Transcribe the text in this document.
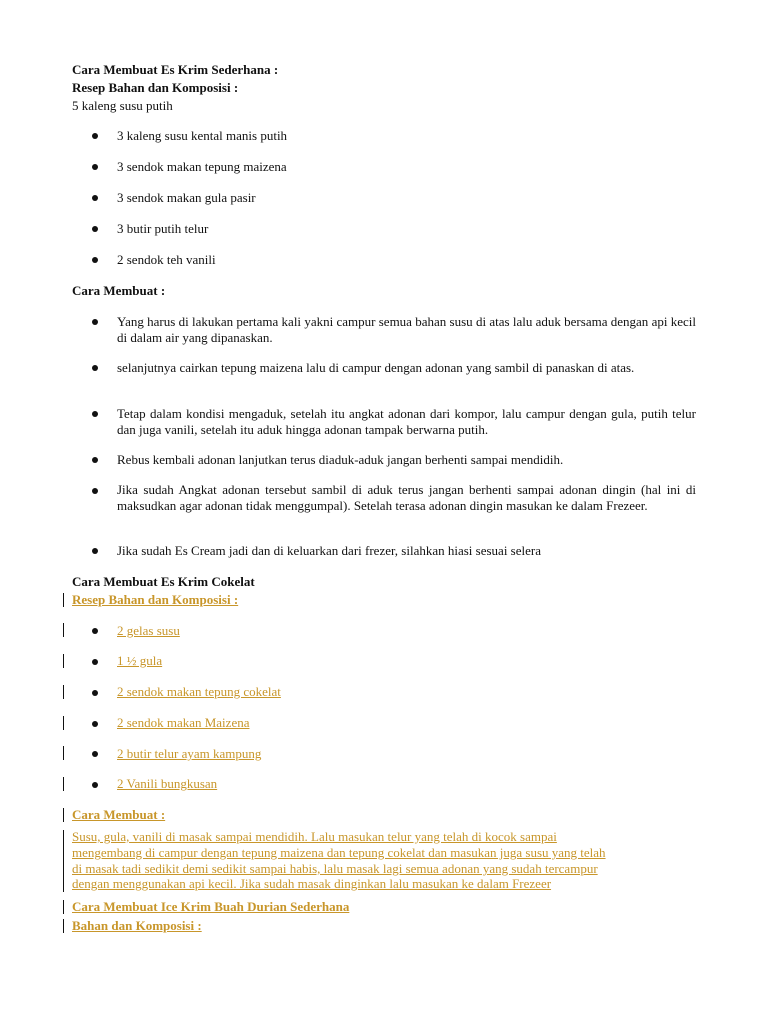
Cara Membuat Es Krim Sederhana :
Resep Bahan dan Komposisi :
5 kaleng susu putih
3 kaleng susu kental manis putih
3 sendok makan tepung maizena
3 sendok makan gula pasir
3 butir putih telur
2 sendok teh vanili
Cara Membuat :
Yang harus di lakukan pertama kali yakni campur semua bahan susu di atas lalu aduk bersama dengan api kecil di dalam air yang dipanaskan.
selanjutnya cairkan tepung maizena lalu di campur dengan adonan yang sambil di panaskan di atas.
Tetap dalam kondisi mengaduk, setelah itu angkat adonan dari kompor, lalu campur dengan gula, putih telur dan juga vanili, setelah itu aduk hingga adonan tampak berwarna putih.
Rebus kembali adonan lanjutkan terus diaduk-aduk jangan berhenti sampai mendidih.
Jika sudah Angkat adonan tersebut sambil di aduk terus jangan berhenti sampai adonan dingin (hal ini di maksudkan agar adonan tidak menggumpal). Setelah terasa adonan dingin masukan ke dalam Frezeer.
Jika sudah Es Cream jadi dan di keluarkan dari frezer, silahkan hiasi sesuai selera
Cara Membuat Es Krim Cokelat
Resep Bahan dan Komposisi :
2 gelas susu
1 ½ gula
2 sendok makan tepung cokelat
2 sendok makan Maizena
2 butir telur ayam kampung
2 Vanili bungkusan
Cara Membuat :
Susu, gula, vanili di masak sampai mendidih. Lalu masukan telur yang telah di kocok sampai
mengembang di campur dengan tepung maizena dan tepung cokelat dan masukan juga susu yang telah
di masak tadi sedikit demi sedikit sampai habis, lalu masak lagi semua adonan yang sudah tercampur
dengan menggunakan api kecil. Jika sudah masak dinginkan lalu masukan ke dalam Frezeer
Cara Membuat Ice Krim Buah Durian Sederhana
Bahan dan Komposisi :
